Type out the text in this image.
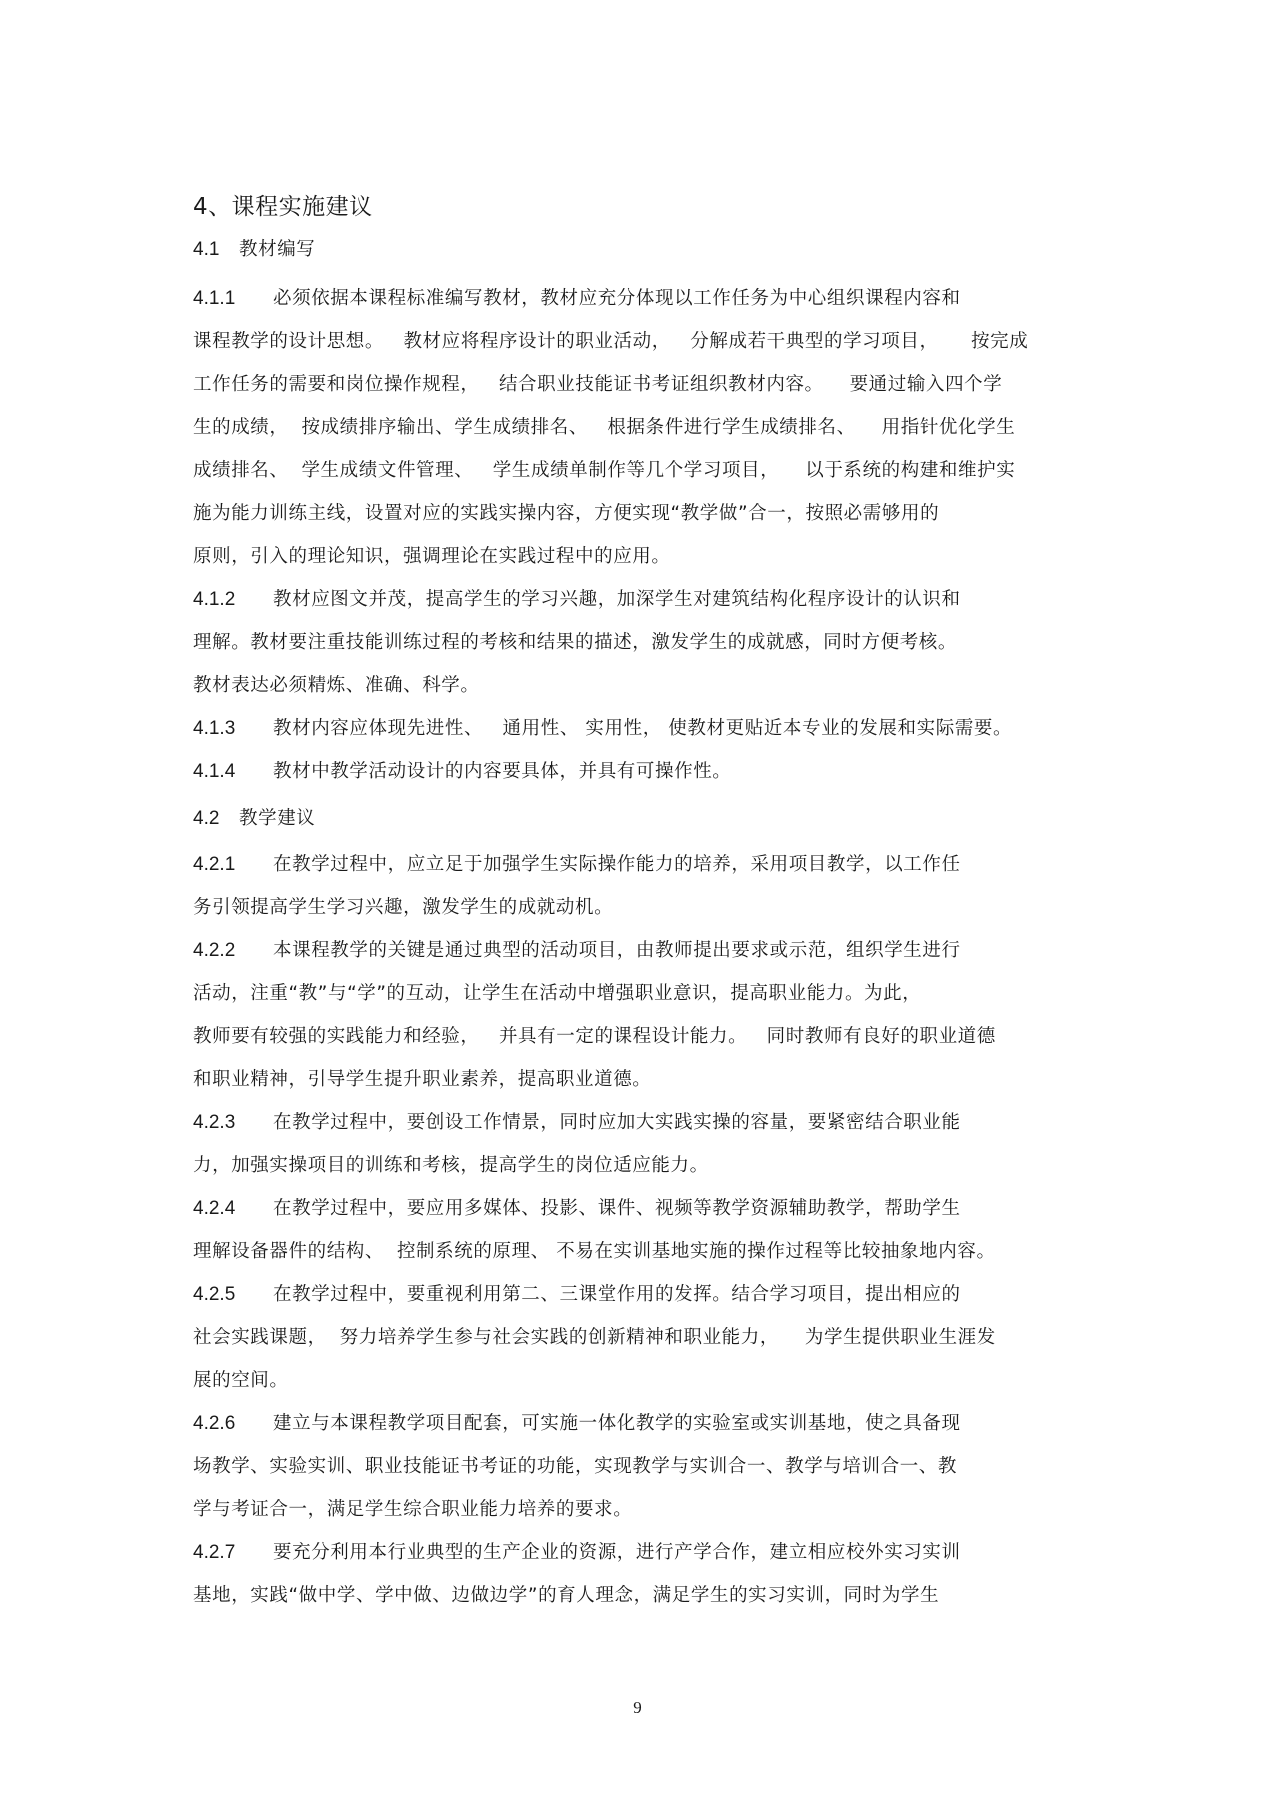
4、课程实施建议
4.1 教材编写
4.1.1 必须依据本课程标准编写教材，教材应充分体现以工作任务为中心组织课程内容和
课程教学的设计思想。   教材应将程序设计的职业活动，   分解成若干典型的学习项目，     按完成
工作任务的需要和岗位操作规程，   结合职业技能证书考证组织教材内容。    要通过输入四个学
生的成绩，  按成绩排序输出、学生成绩排名、   根据条件进行学生成绩排名、    用指针优化学生
成绩排名、  学生成绩文件管理、   学生成绩单制作等几个学习项目，    以于系统的构建和维护实
施为能力训练主线，设置对应的实践实操内容，方便实现“教学做”合一，按照必需够用的
原则，引入的理论知识，强调理论在实践过程中的应用。
4.1.2 教材应图文并茂，提高学生的学习兴趣，加深学生对建筑结构化程序设计的认识和
理解。教材要注重技能训练过程的考核和结果的描述，激发学生的成就感，同时方便考核。
教材表达必须精炼、准确、科学。
4.1.3 教材内容应体现先进性、   通用性、 实用性， 使教材更贴近本专业的发展和实际需要。
4.1.4 教材中教学活动设计的内容要具体，并具有可操作性。
4.2 教学建议
4.2.1 在教学过程中，应立足于加强学生实际操作能力的培养，采用项目教学，以工作任
务引领提高学生学习兴趣，激发学生的成就动机。
4.2.2 本课程教学的关键是通过典型的活动项目，由教师提出要求或示范，组织学生进行
活动，注重“教”与“学”的互动，让学生在活动中增强职业意识，提高职业能力。为此，
教师要有较强的实践能力和经验，   并具有一定的课程设计能力。   同时教师有良好的职业道德
和职业精神，引导学生提升职业素养，提高职业道德。
4.2.3 在教学过程中，要创设工作情景，同时应加大实践实操的容量，要紧密结合职业能
力，加强实操项目的训练和考核，提高学生的岗位适应能力。
4.2.4 在教学过程中，要应用多媒体、投影、课件、视频等教学资源辅助教学，帮助学生
理解设备器件的结构、  控制系统的原理、 不易在实训基地实施的操作过程等比较抽象地内容。
4.2.5 在教学过程中，要重视利用第二、三课堂作用的发挥。结合学习项目，提出相应的
社会实践课题，  努力培养学生参与社会实践的创新精神和职业能力，    为学生提供职业生涯发
展的空间。
4.2.6 建立与本课程教学项目配套，可实施一体化教学的实验室或实训基地，使之具备现
场教学、实验实训、职业技能证书考证的功能，实现教学与实训合一、教学与培训合一、教
学与考证合一，满足学生综合职业能力培养的要求。
4.2.7 要充分利用本行业典型的生产企业的资源，进行产学合作，建立相应校外实习实训
基地，实践“做中学、学中做、边做边学”的育人理念，满足学生的实习实训，同时为学生
9
